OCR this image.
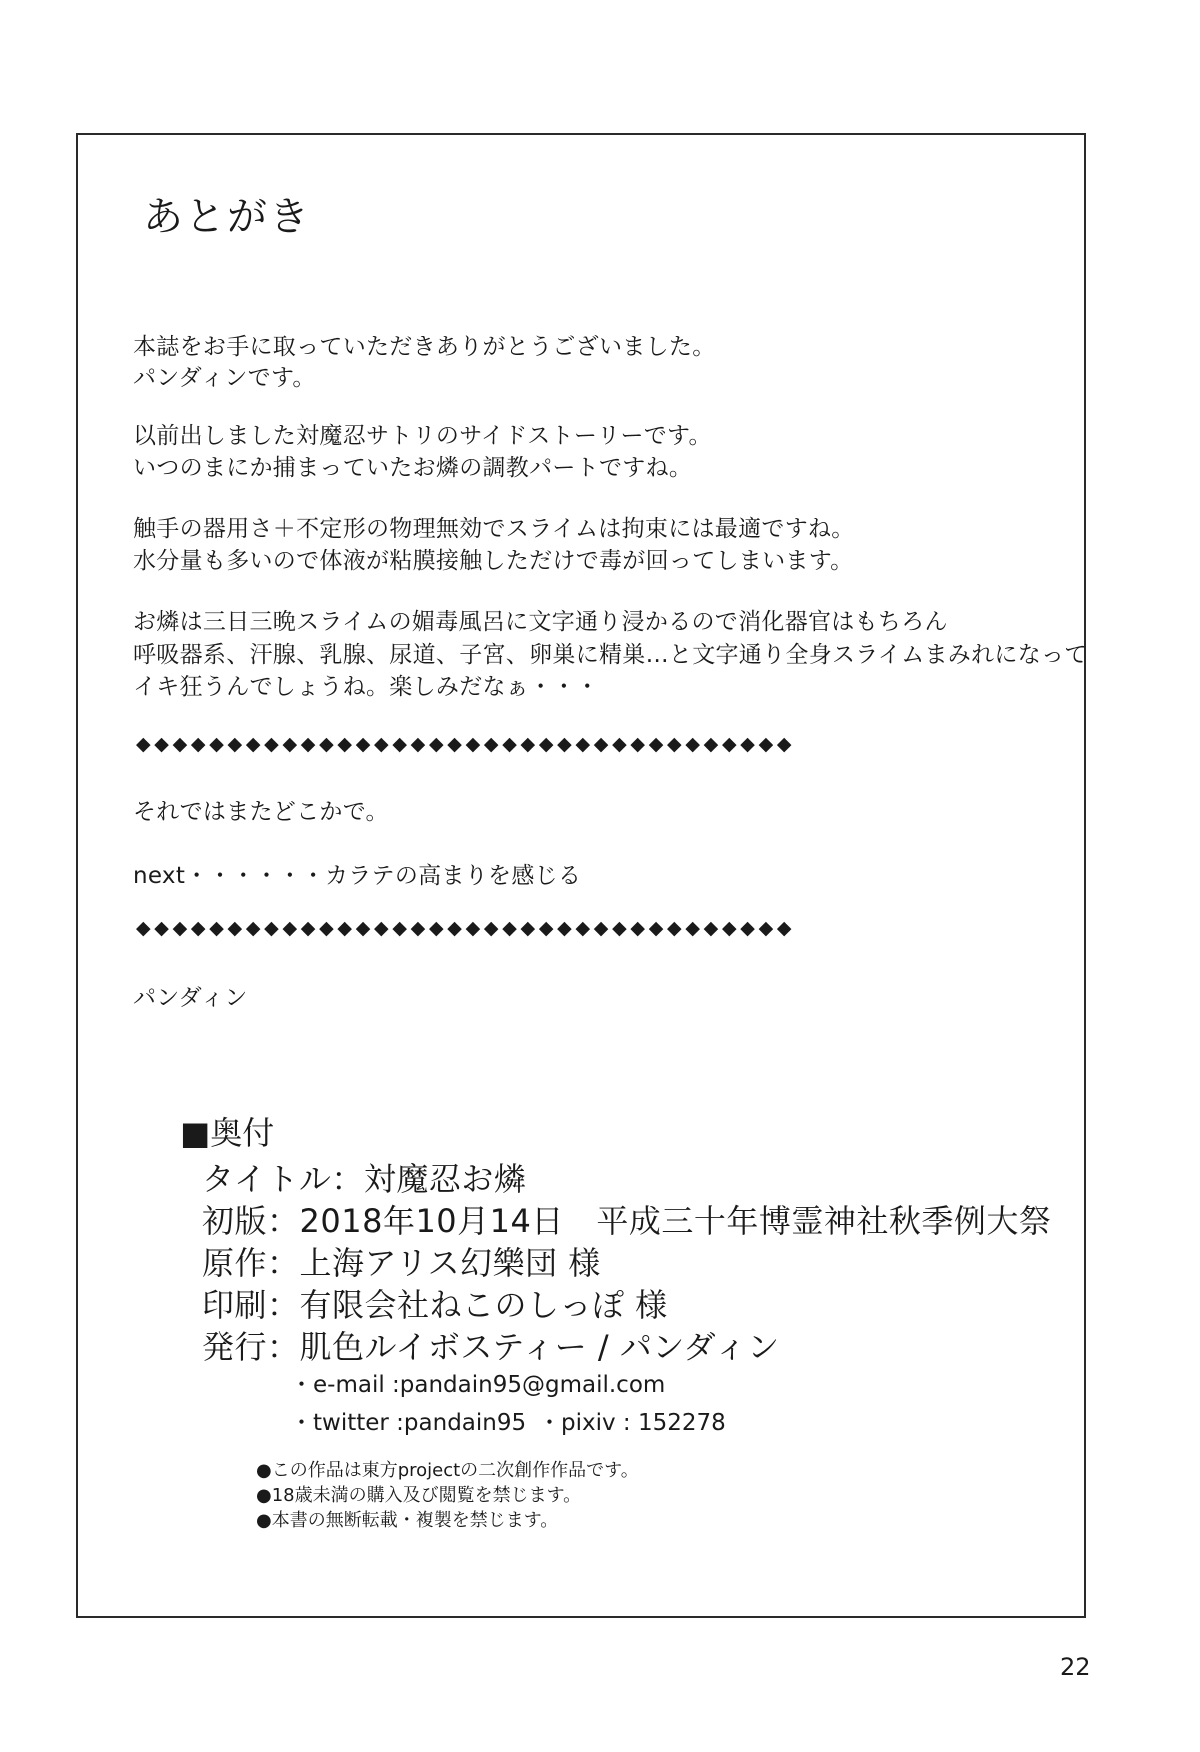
あとがき
本誌をお手に取っていただきありがとうございました。
パンダィンです。
以前出しました対魔忍サトリのサイドストーリーです。
いつのまにか捕まっていたお燐の調教パートですね。
触手の器用さ＋不定形の物理無効でスライムは拘束には最適ですね。
水分量も多いので体液が粘膜接触しただけで毒が回ってしまいます。
お燐は三日三晩スライムの媚毒風呂に文字通り浸かるので消化器官はもちろん
呼吸器系、汗腺、乳腺、尿道、子宮、卵巣に精巣…と文字通り全身スライムまみれになって
イキ狂うんでしょうね。楽しみだなぁ・・・
◆◆◆◆◆◆◆◆◆◆◆◆◆◆◆◆◆◆◆◆◆◆◆◆◆◆◆◆◆◆◆◆◆◆◆◆
それではまたどこかで。
next・・・・・・カラテの高まりを感じる
◆◆◆◆◆◆◆◆◆◆◆◆◆◆◆◆◆◆◆◆◆◆◆◆◆◆◆◆◆◆◆◆◆◆◆◆
パンダィン
■奥付
タイトル：対魔忍お燐
初版：2018年10月14日　平成三十年博霊神社秋季例大祭
原作：上海アリス幻樂団 様
印刷：有限会社ねこのしっぽ 様
発行：肌色ルイボスティー / パンダィン
・e-mail :pandain95@gmail.com
・twitter :pandain95 ・pixiv : 152278
●この作品は東方projectの二次創作作品です。
●18歳未満の購入及び閲覧を禁じます。
●本書の無断転載・複製を禁じます。
22
